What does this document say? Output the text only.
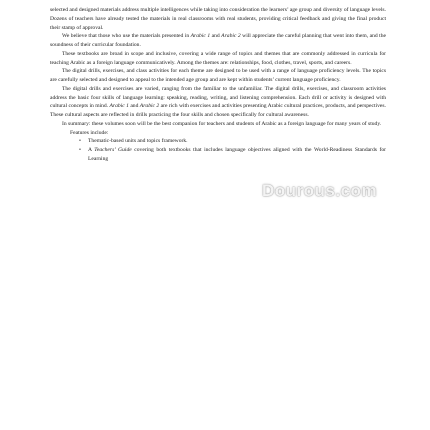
selected and designed materials address multiple intelligences while taking into consideration the learners’ age group and diversity of language levels. Dozens of teachers have already tested the materials in real classrooms with real students, providing critical feedback and giving the final product their stamp of approval.

We believe that those who use the materials presented in Arabic 1 and Arabic 2 will appreciate the careful planning that went into them, and the soundness of their curricular foundation.

These textbooks are broad in scope and inclusive, covering a wide range of topics and themes that are commonly addressed in curricula for teaching Arabic as a foreign language communicatively. Among the themes are: relationships, food, clothes, travel, sports, and careers.

The digital drills, exercises, and class activities for each theme are designed to be used with a range of language proficiency levels. The topics are carefully selected and designed to appeal to the intended age group and are kept within students’ current language proficiency.

The digital drills and exercises are varied, ranging from the familiar to the unfamiliar. The digital drills, exercises, and classroom activities address the basic four skills of language learning: speaking, reading, writing, and listening comprehension. Each drill or activity is designed with cultural concepts in mind. Arabic 1 and Arabic 2 are rich with exercises and activities presenting Arabic cultural practices, products, and perspectives. These cultural aspects are reflected in drills practicing the four skills and chosen specifically for cultural awareness.

In summary: these volumes soon will be the best companion for teachers and students of Arabic as a foreign language for many years of study.

Features include:

• Thematic-based units and topics framework.
• A Teachers’ Guide covering both textbooks that includes language objectives aligned with the World-Readiness Standards for Learning
Dourous.com
